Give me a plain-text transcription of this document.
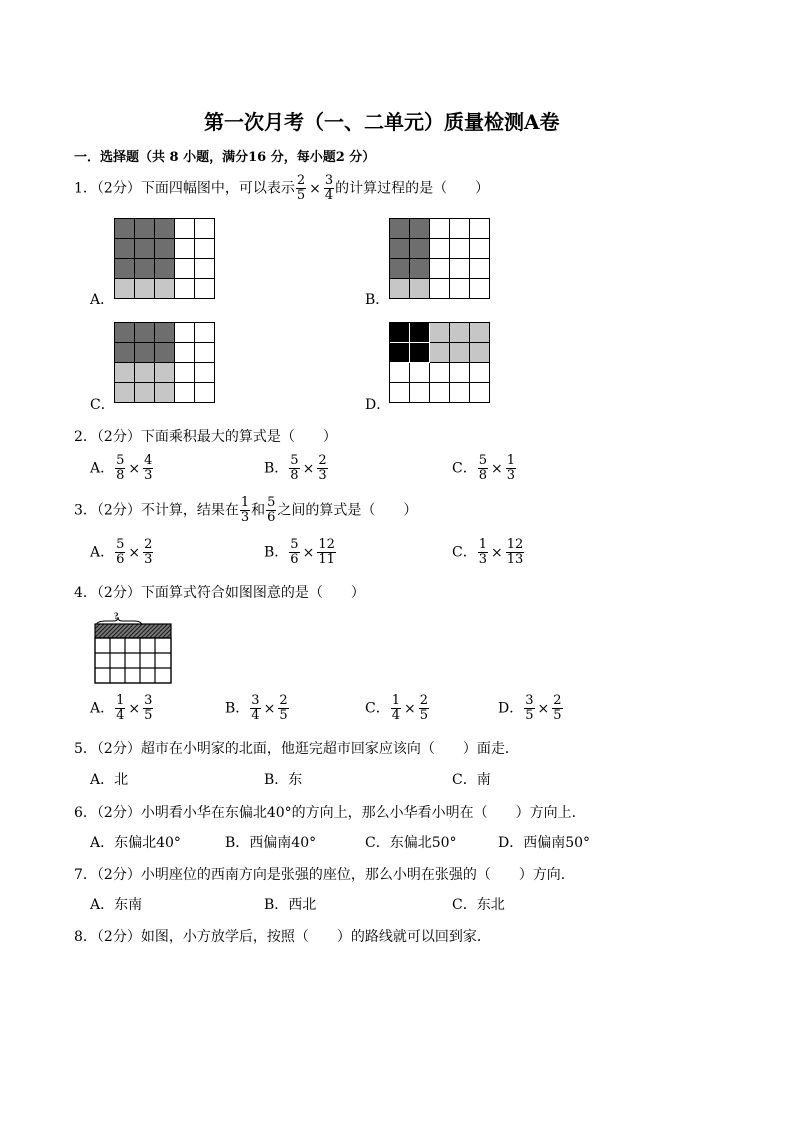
第一次月考（一、二单元）质量检测A卷
一．选择题（共 8 小题，满分16 分，每小题2 分）
1．（2分）下面四幅图中，可以表示 $\frac{2}{5} \times \frac{3}{4}$ 的计算过程的是（　　）
A．	B．
C．	D．
2．（2分）下面乘积最大的算式是（　　）
A． $\frac{5}{8} \times \frac{4}{3}$	B． $\frac{5}{8} \times \frac{2}{3}$	C． $\frac{5}{8} \times \frac{1}{3}$
3．（2分）不计算，结果在 $\frac{1}{3}$ 和 $\frac{5}{6}$ 之间的算式是（　　）
A． $\frac{5}{6} \times \frac{2}{3}$	B． $\frac{5}{6} \times \frac{12}{11}$	C． $\frac{1}{3} \times \frac{12}{13}$
4．（2分）下面算式符合如图图意的是（　　）
?
A． $\frac{1}{4} \times \frac{3}{5}$	B． $\frac{3}{4} \times \frac{2}{5}$	C． $\frac{1}{4} \times \frac{2}{5}$	D． $\frac{3}{5} \times \frac{2}{5}$
5．（2分）超市在小明家的北面，他逛完超市回家应该向（　　）面走．
A．北	B．东	C．南
6．（2分）小明看小华在东偏北40°的方向上，那么小华看小明在（　　）方向上．
A．东偏北40°	B．西偏南40°	C．东偏北50°	D．西偏南50°
7．（2分）小明座位的西南方向是张强的座位，那么小明在张强的（　　）方向．
A．东南	B．西北	C．东北
8．（2分）如图，小方放学后，按照（　　）的路线就可以回到家．
